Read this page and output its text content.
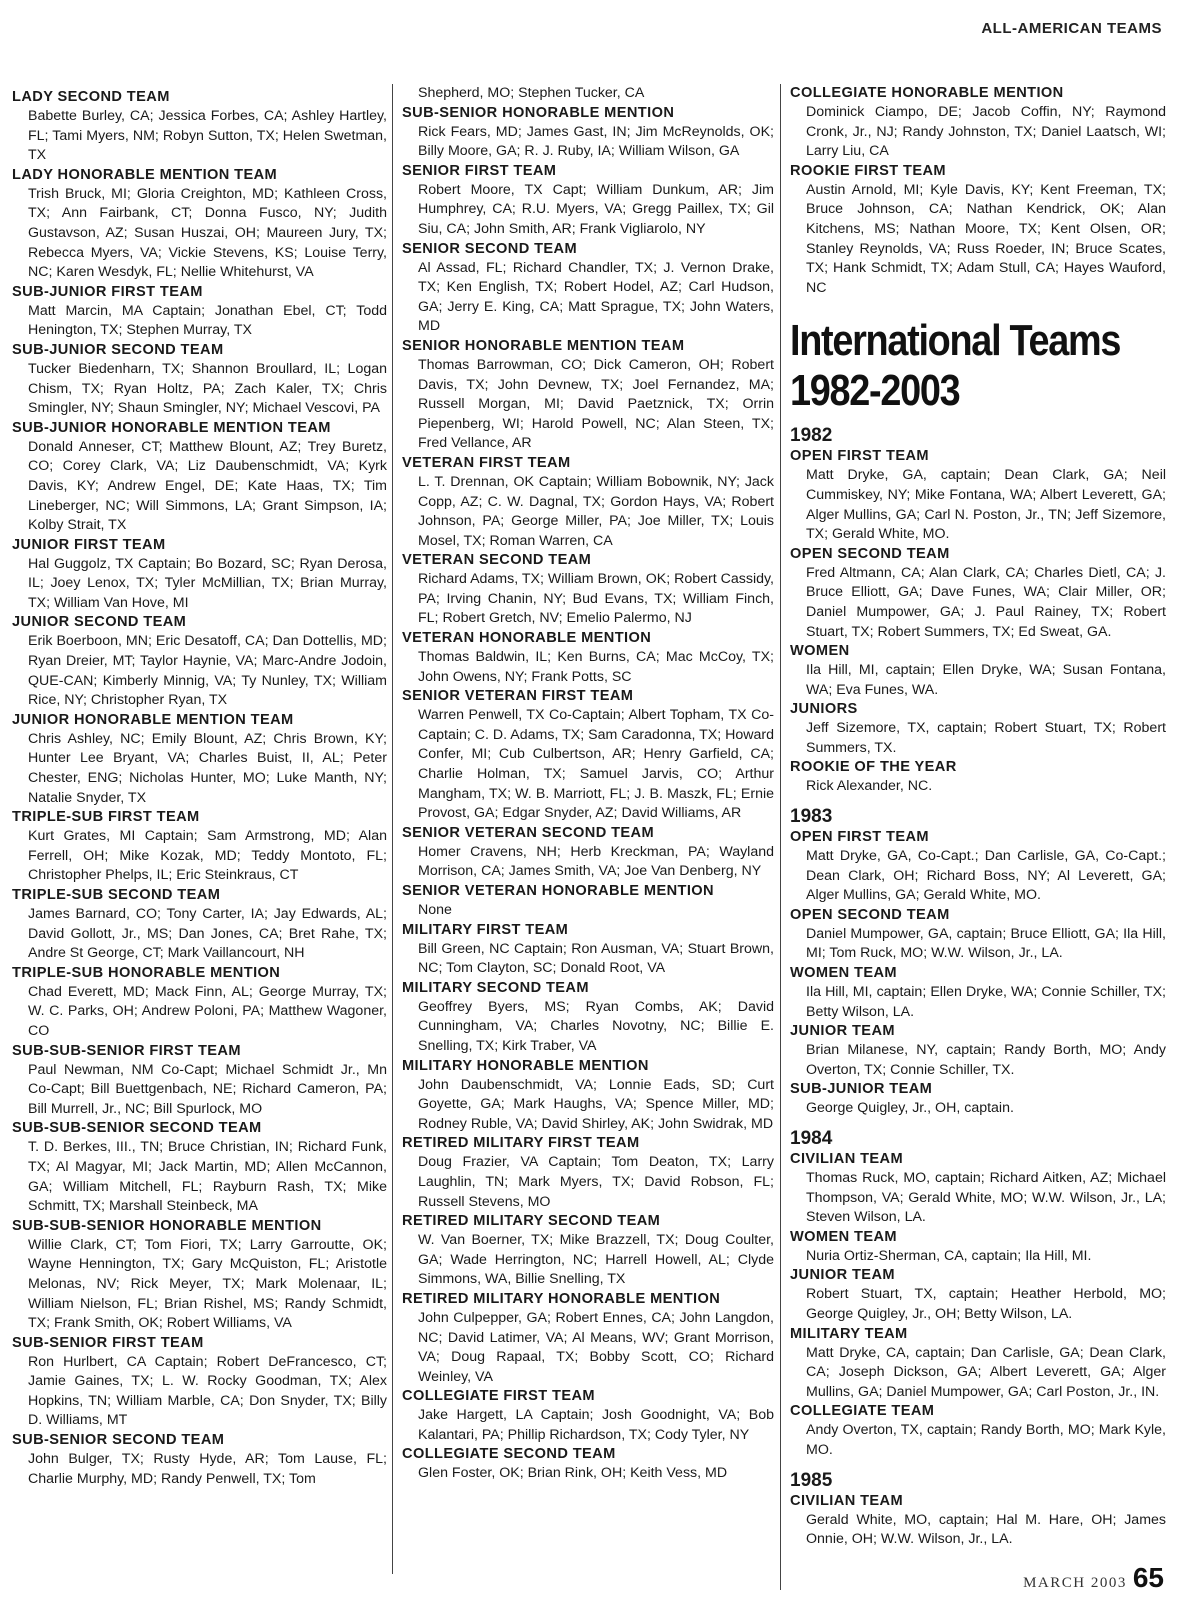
ALL-AMERICAN TEAMS
LADY SECOND TEAM
Babette Burley, CA; Jessica Forbes, CA; Ashley Hartley, FL; Tami Myers, NM; Robyn Sutton, TX; Helen Swetman, TX
LADY HONORABLE MENTION TEAM
Trish Bruck, MI; Gloria Creighton, MD; Kathleen Cross, TX; Ann Fairbank, CT; Donna Fusco, NY; Judith Gustavson, AZ; Susan Huszai, OH; Maureen Jury, TX; Rebecca Myers, VA; Vickie Stevens, KS; Louise Terry, NC; Karen Wesdyk, FL; Nellie Whitehurst, VA
SUB-JUNIOR FIRST TEAM
Matt Marcin, MA Captain; Jonathan Ebel, CT; Todd Henington, TX; Stephen Murray, TX
SUB-JUNIOR SECOND TEAM
Tucker Biedenharn, TX; Shannon Broullard, IL; Logan Chism, TX; Ryan Holtz, PA; Zach Kaler, TX; Chris Smingler, NY; Shaun Smingler, NY; Michael Vescovi, PA
SUB-JUNIOR HONORABLE MENTION TEAM
Donald Anneser, CT; Matthew Blount, AZ; Trey Buretz, CO; Corey Clark, VA; Liz Daubenschmidt, VA; Kyrk Davis, KY; Andrew Engel, DE; Kate Haas, TX; Tim Lineberger, NC; Will Simmons, LA; Grant Simpson, IA; Kolby Strait, TX
JUNIOR FIRST TEAM
Hal Guggolz, TX Captain; Bo Bozard, SC; Ryan Derosa, IL; Joey Lenox, TX; Tyler McMillian, TX; Brian Murray, TX; William Van Hove, MI
JUNIOR SECOND TEAM
Erik Boerboon, MN; Eric Desatoff, CA; Dan Dottellis, MD; Ryan Dreier, MT; Taylor Haynie, VA; Marc-Andre Jodoin, QUE-CAN; Kimberly Minnig, VA; Ty Nunley, TX; William Rice, NY; Christopher Ryan, TX
JUNIOR HONORABLE MENTION TEAM
Chris Ashley, NC; Emily Blount, AZ; Chris Brown, KY; Hunter Lee Bryant, VA; Charles Buist, II, AL; Peter Chester, ENG; Nicholas Hunter, MO; Luke Manth, NY; Natalie Snyder, TX
TRIPLE-SUB FIRST TEAM
Kurt Grates, MI Captain; Sam Armstrong, MD; Alan Ferrell, OH; Mike Kozak, MD; Teddy Montoto, FL; Christopher Phelps, IL; Eric Steinkraus, CT
TRIPLE-SUB SECOND TEAM
James Barnard, CO; Tony Carter, IA; Jay Edwards, AL; David Gollott, Jr., MS; Dan Jones, CA; Bret Rahe, TX; Andre St George, CT; Mark Vaillancourt, NH
TRIPLE-SUB HONORABLE MENTION
Chad Everett, MD; Mack Finn, AL; George Murray, TX; W. C. Parks, OH; Andrew Poloni, PA; Matthew Wagoner, CO
SUB-SUB-SENIOR FIRST TEAM
Paul Newman, NM Co-Capt; Michael Schmidt Jr., Mn Co-Capt; Bill Buettgenbach, NE; Richard Cameron, PA; Bill Murrell, Jr., NC; Bill Spurlock, MO
SUB-SUB-SENIOR SECOND TEAM
T. D. Berkes, III., TN; Bruce Christian, IN; Richard Funk, TX; Al Magyar, MI; Jack Martin, MD; Allen McCannon, GA; William Mitchell, FL; Rayburn Rash, TX; Mike Schmitt, TX; Marshall Steinbeck, MA
SUB-SUB-SENIOR HONORABLE MENTION
Willie Clark, CT; Tom Fiori, TX; Larry Garroutte, OK; Wayne Hennington, TX; Gary McQuiston, FL; Aristotle Melonas, NV; Rick Meyer, TX; Mark Molenaar, IL; William Nielson, FL; Brian Rishel, MS; Randy Schmidt, TX; Frank Smith, OK; Robert Williams, VA
SUB-SENIOR FIRST TEAM
Ron Hurlbert, CA Captain; Robert DeFrancesco, CT; Jamie Gaines, TX; L. W. Rocky Goodman, TX; Alex Hopkins, TN; William Marble, CA; Don Snyder, TX; Billy D. Williams, MT
SUB-SENIOR SECOND TEAM
John Bulger, TX; Rusty Hyde, AR; Tom Lause, FL; Charlie Murphy, MD; Randy Penwell, TX; Tom
Shepherd, MO; Stephen Tucker, CA
SUB-SENIOR HONORABLE MENTION
Rick Fears, MD; James Gast, IN; Jim McReynolds, OK; Billy Moore, GA; R. J. Ruby, IA; William Wilson, GA
SENIOR FIRST TEAM
Robert Moore, TX Capt; William Dunkum, AR; Jim Humphrey, CA; R.U. Myers, VA; Gregg Paillex, TX; Gil Siu, CA; John Smith, AR; Frank Vigliarolo, NY
SENIOR SECOND TEAM
Al Assad, FL; Richard Chandler, TX; J. Vernon Drake, TX; Ken English, TX; Robert Hodel, AZ; Carl Hudson, GA; Jerry E. King, CA; Matt Sprague, TX; John Waters, MD
SENIOR HONORABLE MENTION TEAM
Thomas Barrowman, CO; Dick Cameron, OH; Robert Davis, TX; John Devnew, TX; Joel Fernandez, MA; Russell Morgan, MI; David Paetznick, TX; Orrin Piepenberg, WI; Harold Powell, NC; Alan Steen, TX; Fred Vellance, AR
VETERAN FIRST TEAM
L. T. Drennan, OK Captain; William Bobownik, NY; Jack Copp, AZ; C. W. Dagnal, TX; Gordon Hays, VA; Robert Johnson, PA; George Miller, PA; Joe Miller, TX; Louis Mosel, TX; Roman Warren, CA
VETERAN SECOND TEAM
Richard Adams, TX; William Brown, OK; Robert Cassidy, PA; Irving Chanin, NY; Bud Evans, TX; William Finch, FL; Robert Gretch, NV; Emelio Palermo, NJ
VETERAN HONORABLE MENTION
Thomas Baldwin, IL; Ken Burns, CA; Mac McCoy, TX; John Owens, NY; Frank Potts, SC
SENIOR VETERAN FIRST TEAM
Warren Penwell, TX Co-Captain; Albert Topham, TX Co-Captain; C. D. Adams, TX; Sam Caradonna, TX; Howard Confer, MI; Cub Culbertson, AR; Henry Garfield, CA; Charlie Holman, TX; Samuel Jarvis, CO; Arthur Mangham, TX; W. B. Marriott, FL; J. B. Maszk, FL; Ernie Provost, GA; Edgar Snyder, AZ; David Williams, AR
SENIOR VETERAN SECOND TEAM
Homer Cravens, NH; Herb Kreckman, PA; Wayland Morrison, CA; James Smith, VA; Joe Van Denberg, NY
SENIOR VETERAN HONORABLE MENTION
None
MILITARY FIRST TEAM
Bill Green, NC Captain; Ron Ausman, VA; Stuart Brown, NC; Tom Clayton, SC; Donald Root, VA
MILITARY SECOND TEAM
Geoffrey Byers, MS; Ryan Combs, AK; David Cunningham, VA; Charles Novotny, NC; Billie E. Snelling, TX; Kirk Traber, VA
MILITARY HONORABLE MENTION
John Daubenschmidt, VA; Lonnie Eads, SD; Curt Goyette, GA; Mark Haughs, VA; Spence Miller, MD; Rodney Ruble, VA; David Shirley, AK; John Swidrak, MD
RETIRED MILITARY FIRST TEAM
Doug Frazier, VA Captain; Tom Deaton, TX; Larry Laughlin, TN; Mark Myers, TX; David Robson, FL; Russell Stevens, MO
RETIRED MILITARY SECOND TEAM
W. Van Boerner, TX; Mike Brazzell, TX; Doug Coulter, GA; Wade Herrington, NC; Harrell Howell, AL; Clyde Simmons, WA, Billie Snelling, TX
RETIRED MILITARY HONORABLE MENTION
John Culpepper, GA; Robert Ennes, CA; John Langdon, NC; David Latimer, VA; Al Means, WV; Grant Morrison, VA; Doug Rapaal, TX; Bobby Scott, CO; Richard Weinley, VA
COLLEGIATE FIRST TEAM
Jake Hargett, LA Captain; Josh Goodnight, VA; Bob Kalantari, PA; Phillip Richardson, TX; Cody Tyler, NY
COLLEGIATE SECOND TEAM
Glen Foster, OK; Brian Rink, OH; Keith Vess, MD
COLLEGIATE HONORABLE MENTION
Dominick Ciampo, DE; Jacob Coffin, NY; Raymond Cronk, Jr., NJ; Randy Johnston, TX; Daniel Laatsch, WI; Larry Liu, CA
ROOKIE FIRST TEAM
Austin Arnold, MI; Kyle Davis, KY; Kent Freeman, TX; Bruce Johnson, CA; Nathan Kendrick, OK; Alan Kitchens, MS; Nathan Moore, TX; Kent Olsen, OR; Stanley Reynolds, VA; Russ Roeder, IN; Bruce Scates, TX; Hank Schmidt, TX; Adam Stull, CA; Hayes Wauford, NC
International Teams
1982-2003
1982
OPEN FIRST TEAM
Matt Dryke, GA, captain; Dean Clark, GA; Neil Cummiskey, NY; Mike Fontana, WA; Albert Leverett, GA; Alger Mullins, GA; Carl N. Poston, Jr., TN; Jeff Sizemore, TX; Gerald White, MO.
OPEN SECOND TEAM
Fred Altmann, CA; Alan Clark, CA; Charles Dietl, CA; J. Bruce Elliott, GA; Dave Funes, WA; Clair Miller, OR; Daniel Mumpower, GA; J. Paul Rainey, TX; Robert Stuart, TX; Robert Summers, TX; Ed Sweat, GA.
WOMEN
Ila Hill, MI, captain; Ellen Dryke, WA; Susan Fontana, WA; Eva Funes, WA.
JUNIORS
Jeff Sizemore, TX, captain; Robert Stuart, TX; Robert Summers, TX.
ROOKIE OF THE YEAR
Rick Alexander, NC.
1983
OPEN FIRST TEAM
Matt Dryke, GA, Co-Capt.; Dan Carlisle, GA, Co-Capt.; Dean Clark, OH; Richard Boss, NY; Al Leverett, GA; Alger Mullins, GA; Gerald White, MO.
OPEN SECOND TEAM
Daniel Mumpower, GA, captain; Bruce Elliott, GA; Ila Hill, MI; Tom Ruck, MO; W.W. Wilson, Jr., LA.
WOMEN TEAM
Ila Hill, MI, captain; Ellen Dryke, WA; Connie Schiller, TX; Betty Wilson, LA.
JUNIOR TEAM
Brian Milanese, NY, captain; Randy Borth, MO; Andy Overton, TX; Connie Schiller, TX.
SUB-JUNIOR TEAM
George Quigley, Jr., OH, captain.
1984
CIVILIAN TEAM
Thomas Ruck, MO, captain; Richard Aitken, AZ; Michael Thompson, VA; Gerald White, MO; W.W. Wilson, Jr., LA; Steven Wilson, LA.
WOMEN TEAM
Nuria Ortiz-Sherman, CA, captain; Ila Hill, MI.
JUNIOR TEAM
Robert Stuart, TX, captain; Heather Herbold, MO; George Quigley, Jr., OH; Betty Wilson, LA.
MILITARY TEAM
Matt Dryke, CA, captain; Dan Carlisle, GA; Dean Clark, CA; Joseph Dickson, GA; Albert Leverett, GA; Alger Mullins, GA; Daniel Mumpower, GA; Carl Poston, Jr., IN.
COLLEGIATE TEAM
Andy Overton, TX, captain; Randy Borth, MO; Mark Kyle, MO.
1985
CIVILIAN TEAM
Gerald White, MO, captain; Hal M. Hare, OH; James Onnie, OH; W.W. Wilson, Jr., LA.
MARCH 2003 65
